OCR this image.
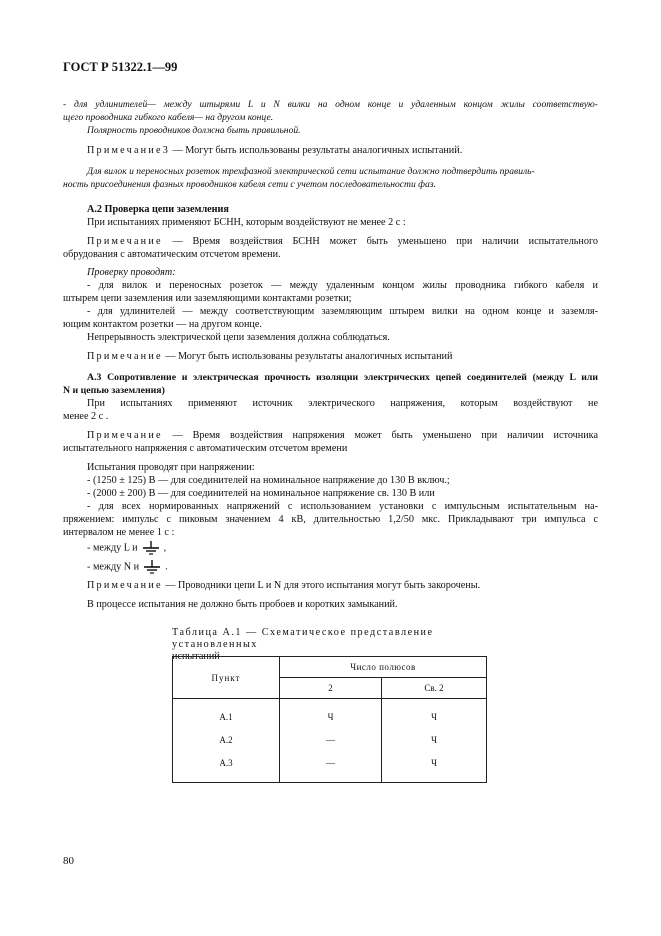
ГОСТ Р 51322.1—99
- для удлинителей— между штырями L и N вилки на одном конце и удаленным концом жилы соответствую-
щего проводника гибкого кабеля— на другом конце.
Полярность проводников должна быть правильной.
Примечание3 — Могут быть использованы результаты аналогичных испытаний.
Для вилок и переносных розеток трехфазной электрической сети испытание должно подтвердить правиль-
ность присоединения фазных проводников кабеля сети с учетом последовательности фаз.
А.2 Проверка цепи заземления
При испытаниях применяют БСНН, которым воздействуют не менее 2 с :
Примечание — Время воздействия БСНН может быть уменьшено при наличии испытательного
обрудования с автоматическим отсчетом времени.
Проверку проводят:
- для вилок и переносных розеток — между удаленным концом жилы проводника гибкого кабеля и
штырем цепи заземления или заземляющими контактами розетки;
- для удлинителей — между соответствующим заземляющим штырем вилки на одном конце и заземля-
ющим контактом розетки — на другом конце.
Непрерывность электрической цепи заземления должна соблюдаться.
Примечание — Могут быть использованы результаты аналогичных испытаний
А.3 Сопротивление и электрическая прочность изоляции электрических цепей соединителей (между L или
N и цепью заземления)
При испытаниях применяют источник электрического напряжения, которым воздействуют не
менее 2 с .
Примечание — Время воздействия напряжения может быть уменьшено при наличии источника
испытательного напряжения с автоматическим отсчетом времени
Испытания проводят при напряжении:
- (1250 ± 125) В — для соединителей на номинальное напряжение до 130 В включ.;
- (2000 ± 200) В — для соединителей на номинальное напряжение св. 130 В или
- для всех нормированных напряжений с использованием установки с импульсным испытательным на-
пряжением: импульс с пиковым значением 4 кВ, длительностью 1,2/50 мкс. Прикладывают три импульса с
интервалом не менее 1 с :
- между L и	,
- между N и	.
Примечание — Проводники цепи L и N для этого испытания могут быть закорочены.
В процессе испытания не должно быть пробоев и коротких замыканий.
Таблица А.1 — Схематическое представление установленных
испытаний
Пункт	Число полюсов	
	2	Св. 2
А.1	Ч	Ч
А.2	—	Ч
А.3	—	Ч
80
